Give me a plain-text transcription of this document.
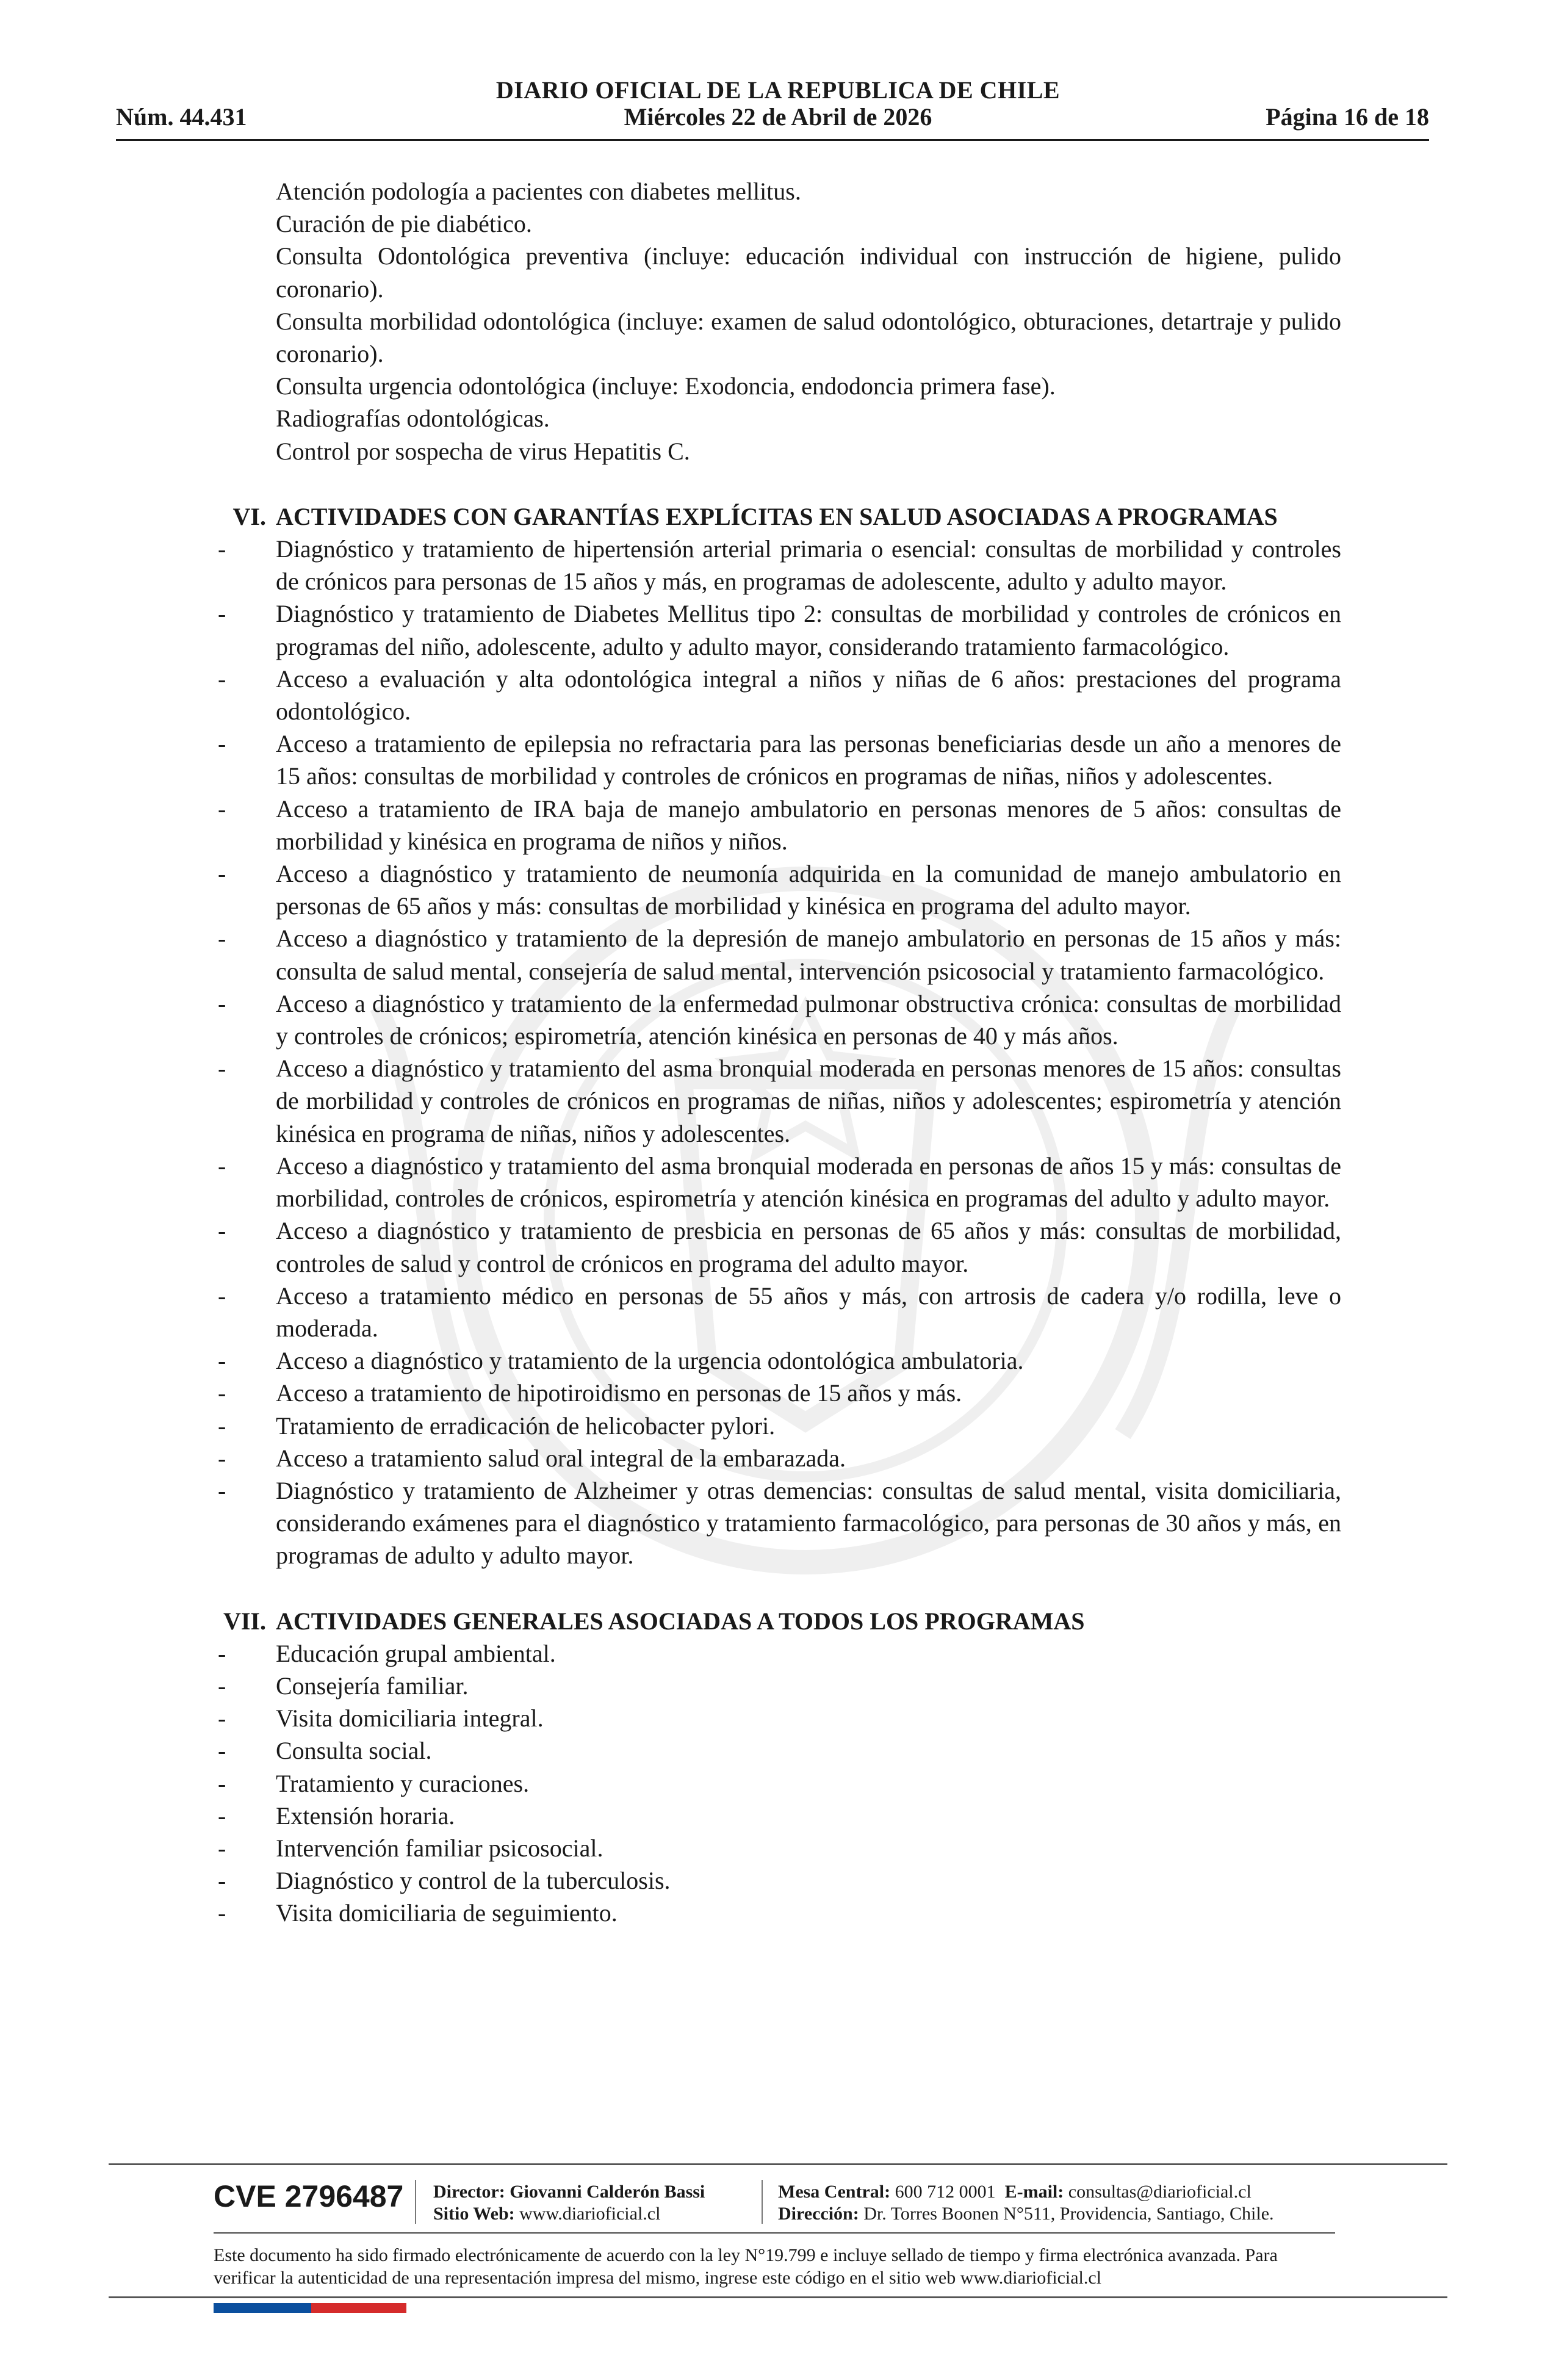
Núm. 44.431
DIARIO OFICIAL DE LA REPUBLICA DE CHILE
Miércoles 22 de Abril de 2026	Página 16 de 18
Atención podología a pacientes con diabetes mellitus.
Curación de pie diabético.
Consulta Odontológica preventiva (incluye: educación individual con instrucción de higiene, pulido coronario).
Consulta morbilidad odontológica (incluye: examen de salud odontológico, obturaciones, detartraje y pulido coronario).
Consulta urgencia odontológica (incluye: Exodoncia, endodoncia primera fase).
Radiografías odontológicas.
Control por sospecha de virus Hepatitis C.
VI. ACTIVIDADES CON GARANTÍAS EXPLÍCITAS EN SALUD ASOCIADAS A PROGRAMAS
-	Diagnóstico y tratamiento de hipertensión arterial primaria o esencial: consultas de morbilidad y controles de crónicos para personas de 15 años y más, en programas de adolescente, adulto y adulto mayor.
-	Diagnóstico y tratamiento de Diabetes Mellitus tipo 2: consultas de morbilidad y controles de crónicos en programas del niño, adolescente, adulto y adulto mayor, considerando tratamiento farmacológico.
-	Acceso a evaluación y alta odontológica integral a niños y niñas de 6 años: prestaciones del programa odontológico.
-	Acceso a tratamiento de epilepsia no refractaria para las personas beneficiarias desde un año a menores de 15 años: consultas de morbilidad y controles de crónicos en programas de niñas, niños y adolescentes.
-	Acceso a tratamiento de IRA baja de manejo ambulatorio en personas menores de 5 años: consultas de morbilidad y kinésica en programa de niños y niños.
-	Acceso a diagnóstico y tratamiento de neumonía adquirida en la comunidad de manejo ambulatorio en personas de 65 años y más: consultas de morbilidad y kinésica en programa del adulto mayor.
-	Acceso a diagnóstico y tratamiento de la depresión de manejo ambulatorio en personas de 15 años y más: consulta de salud mental, consejería de salud mental, intervención psicosocial y tratamiento farmacológico.
-	Acceso a diagnóstico y tratamiento de la enfermedad pulmonar obstructiva crónica: consultas de morbilidad y controles de crónicos; espirometría, atención kinésica en personas de 40 y más años.
-	Acceso a diagnóstico y tratamiento del asma bronquial moderada en personas menores de 15 años: consultas de morbilidad y controles de crónicos en programas de niñas, niños y adolescentes; espirometría y atención kinésica en programa de niñas, niños y adolescentes.
-	Acceso a diagnóstico y tratamiento del asma bronquial moderada en personas de años 15 y más: consultas de morbilidad, controles de crónicos, espirometría y atención kinésica en programas del adulto y adulto mayor.
-	Acceso a diagnóstico y tratamiento de presbicia en personas de 65 años y más: consultas de morbilidad, controles de salud y control de crónicos en programa del adulto mayor.
-	Acceso a tratamiento médico en personas de 55 años y más, con artrosis de cadera y/o rodilla, leve o moderada.
-	Acceso a diagnóstico y tratamiento de la urgencia odontológica ambulatoria.
-	Acceso a tratamiento de hipotiroidismo en personas de 15 años y más.
-	Tratamiento de erradicación de helicobacter pylori.
-	Acceso a tratamiento salud oral integral de la embarazada.
-	Diagnóstico y tratamiento de Alzheimer y otras demencias: consultas de salud mental, visita domiciliaria, considerando exámenes para el diagnóstico y tratamiento farmacológico, para personas de 30 años y más, en programas de adulto y adulto mayor.
VII. ACTIVIDADES GENERALES ASOCIADAS A TODOS LOS PROGRAMAS
-	Educación grupal ambiental.
-	Consejería familiar.
-	Visita domiciliaria integral.
-	Consulta social.
-	Tratamiento y curaciones.
-	Extensión horaria.
-	Intervención familiar psicosocial.
-	Diagnóstico y control de la tuberculosis.
-	Visita domiciliaria de seguimiento.
CVE 2796487 Director: Giovanni Calderón Bassi
Sitio Web: www.diarioficial.cl
Mesa Central: 600 712 0001 E-mail: consultas@diarioficial.cl
Dirección: Dr. Torres Boonen N°511, Providencia, Santiago, Chile.
Este documento ha sido firmado electrónicamente de acuerdo con la ley N°19.799 e incluye sellado de tiempo y firma electrónica avanzada. Para verificar la autenticidad de una representación impresa del mismo, ingrese este código en el sitio web www.diarioficial.cl
